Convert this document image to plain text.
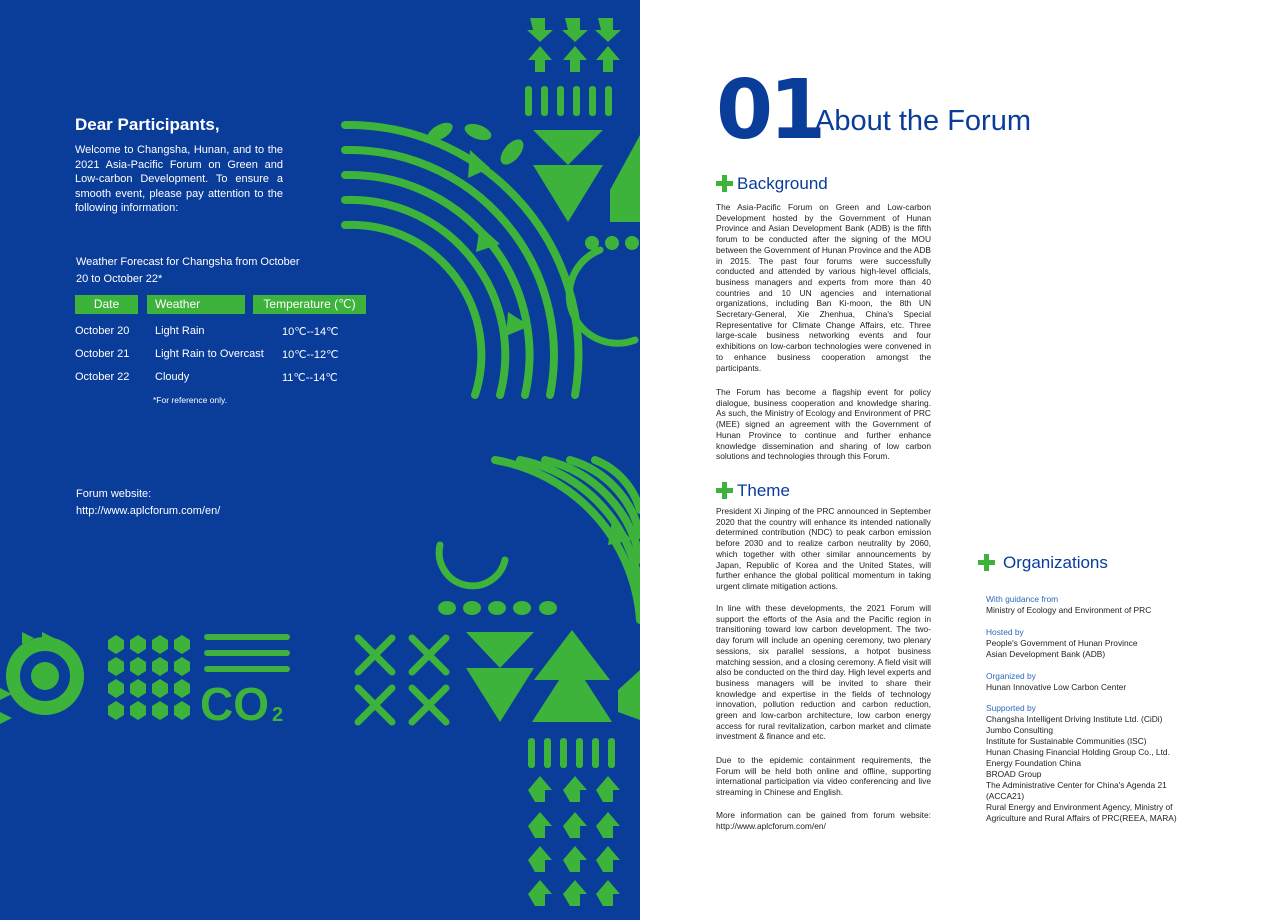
CO 2
Dear Participants,

Welcome to Changsha, Hunan, and to the 2021 Asia-Pacific Forum on Green and Low-carbon Development. To ensure a smooth event, please pay attention to the following information:

Weather Forecast for Changsha from October 20 to October 22*

Date	Weather	Temperature (℃)
October 20 Light Rain	10℃--14℃
October 21 Light Rain to Overcast 10℃--12℃
October 22 Cloudy	11℃--14℃
*For reference only.
Forum website:
http://www.aplcforum.com/en/
01
About the Forum
Background

The Asia-Pacific Forum on Green and Low-carbon Development hosted by the Government of Hunan Province and Asian Development Bank (ADB) is the fifth forum to be conducted after the signing of the MOU between the Government of Hunan Province and the ADB in 2015. The past four forums were successfully conducted and attended by various high-level officials, business managers and experts from more than 40 countries and 10 UN agencies and international organizations, including Ban Ki-moon, the 8th UN Secretary-General, Xie Zhenhua, China's Special Representative for Climate Change Affairs, etc. Three large-scale business networking events and four exhibitions on low-carbon technologies were convened in to enhance business cooperation amongst the participants.

The Forum has become a flagship event for policy dialogue, business cooperation and knowledge sharing. As such, the Ministry of Ecology and Environment of PRC (MEE) signed an agreement with the Government of Hunan Province to continue and further enhance knowledge dissemination and sharing of low carbon solutions and technologies through this Forum.

Theme

President Xi Jinping of the PRC announced in September 2020 that the country will enhance its intended nationally determined contribution (NDC) to peak carbon emission before 2030 and to realize carbon neutrality by 2060, which together with other similar announcements by Japan, Republic of Korea and the United States, will further enhance the global political momentum in taking urgent climate mitigation actions.

In line with these developments, the 2021 Forum will support the efforts of the Asia and the Pacific region in transitioning toward low carbon development. The two-day forum will include an opening ceremony, two plenary sessions, six parallel sessions, a hotpot business matching session, and a closing ceremony. A field visit will also be conducted on the third day. High level experts and business managers will be invited to share their knowledge and expertise in the fields of technology innovation, pollution reduction and carbon reduction, green and low-carbon architecture, low carbon energy access for rural revitalization, carbon market and climate investment & finance and etc.

Due to the epidemic containment requirements, the Forum will be held both online and offline, supporting international participation via video conferencing and live streaming in Chinese and English.

More information can be gained from forum website: http://www.aplcforum.com/en/

Organizations
With guidance from

Ministry of Ecology and Environment of PRC

Hosted by

People's Government of Hunan Province

Asian Development Bank (ADB)

Organized by

Hunan Innovative Low Carbon Center

Supported by

Changsha Intelligent Driving Institute Ltd. (CiDi)

Jumbo Consulting

Institute for Sustainable Communities (ISC)

Hunan Chasing Financial Holding Group Co., Ltd.

Energy Foundation China

BROAD Group

The Administrative Center for China's Agenda 21 (ACCA21)

Rural Energy and Environment Agency, Ministry of Agriculture and Rural Affairs of PRC(REEA, MARA)
